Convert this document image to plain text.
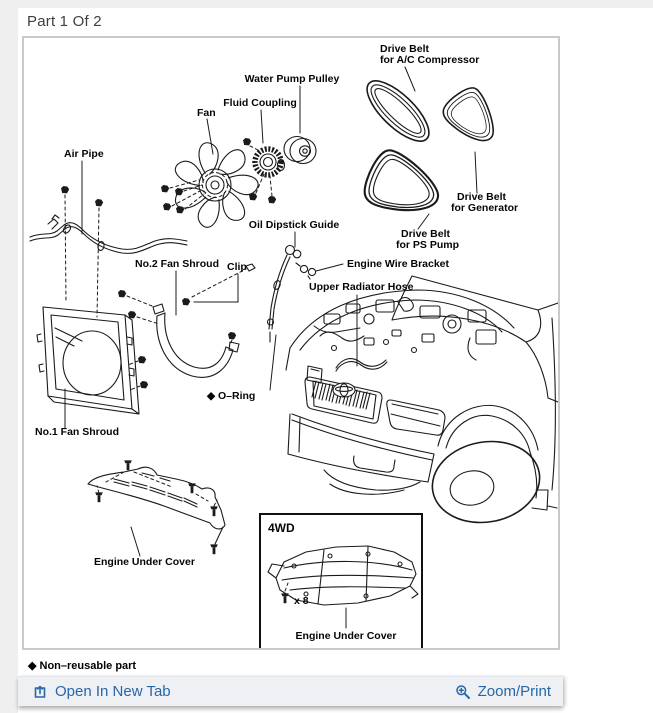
Part 1 Of 2
Fan
Fluid Coupling
Water Pump Pulley
Air Pipe
Drive Belt
for A/C Compressor
Drive Belt
for Generator
Drive Belt
for PS Pump
Oil Dipstick Guide
No.2 Fan Shroud Clip	Engine Wire Bracket
Upper Radiator Hose
◆ O–Ring
No.1 Fan Shroud
Engine Under Cover
4WD
x 8
Engine Under Cover
◆ Non–reusable part
Open In New Tab	Zoom/Print
